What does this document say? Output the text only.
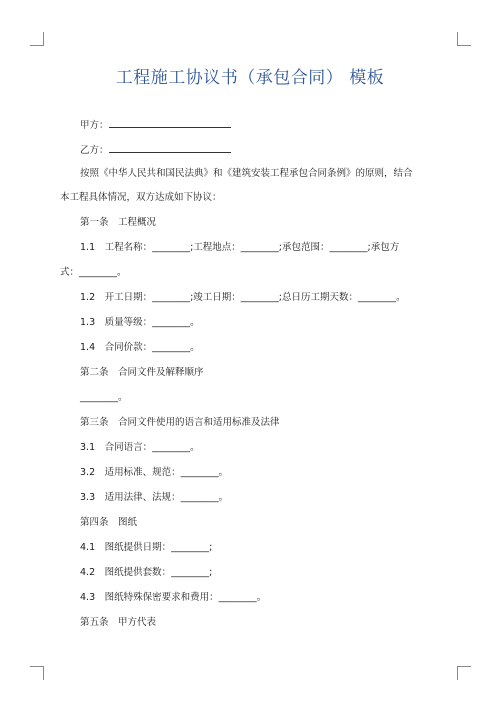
工程施工协议书（承包合同） 模板
甲方：
乙方：
按照《中华人民共和国民法典》和《建筑安装工程承包合同条例》的原则，结合
本工程具体情况，双方达成如下协议：
第一条　工程概况
1.1　工程名称：________;工程地点：________;承包范围：________;承包方
式：________。
1.2　开工日期：________;竣工日期：________;总日历工期天数：________。
1.3　质量等级：________。
1.4　合同价款：________。
第二条　合同文件及解释顺序
________。
第三条　合同文件使用的语言和适用标准及法律
3.1　合同语言：________。
3.2　适用标准、规范：________。
3.3　适用法律、法规：________。
第四条　图纸
4.1　图纸提供日期：________;
4.2　图纸提供套数：________;
4.3　图纸特殊保密要求和费用：________。
第五条　甲方代表
